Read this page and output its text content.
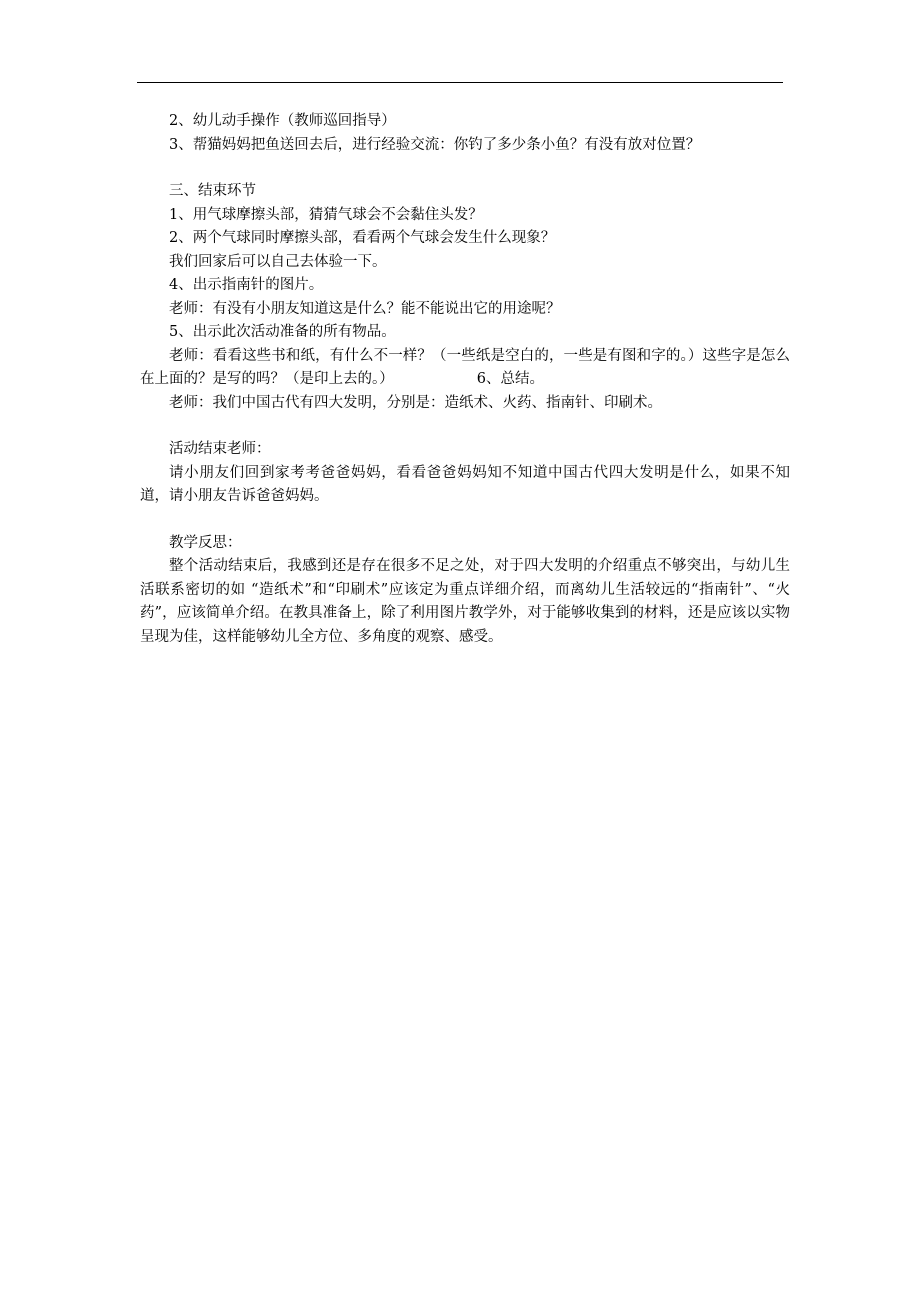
2、幼儿动手操作（教师巡回指导）

3、帮猫妈妈把鱼送回去后，进行经验交流：你钓了多少条小鱼？有没有放对位置？

三、结束环节

1、用气球摩擦头部，猜猜气球会不会黏住头发？

2、两个气球同时摩擦头部，看看两个气球会发生什么现象？

我们回家后可以自己去体验一下。

4、出示指南针的图片。

老师：有没有小朋友知道这是什么？能不能说出它的用途呢？

5、出示此次活动准备的所有物品。

老师：看看这些书和纸，有什么不一样？（一些纸是空白的，一些是有图和字的。）这些字是怎么在上面的？是写的吗？（是印上去的。）                  6、总结。

老师：我们中国古代有四大发明，分别是：造纸术、火药、指南针、印刷术。

活动结束老师：

请小朋友们回到家考考爸爸妈妈，看看爸爸妈妈知不知道中国古代四大发明是什么，如果不知道，请小朋友告诉爸爸妈妈。

教学反思：

整个活动结束后，我感到还是存在很多不足之处，对于四大发明的介绍重点不够突出，与幼儿生活联系密切的如 “造纸术”和“印刷术”应该定为重点详细介绍，而离幼儿生活较远的“指南针”、“火药”，应该简单介绍。在教具准备上，除了利用图片教学外，对于能够收集到的材料，还是应该以实物呈现为佳，这样能够幼儿全方位、多角度的观察、感受。
